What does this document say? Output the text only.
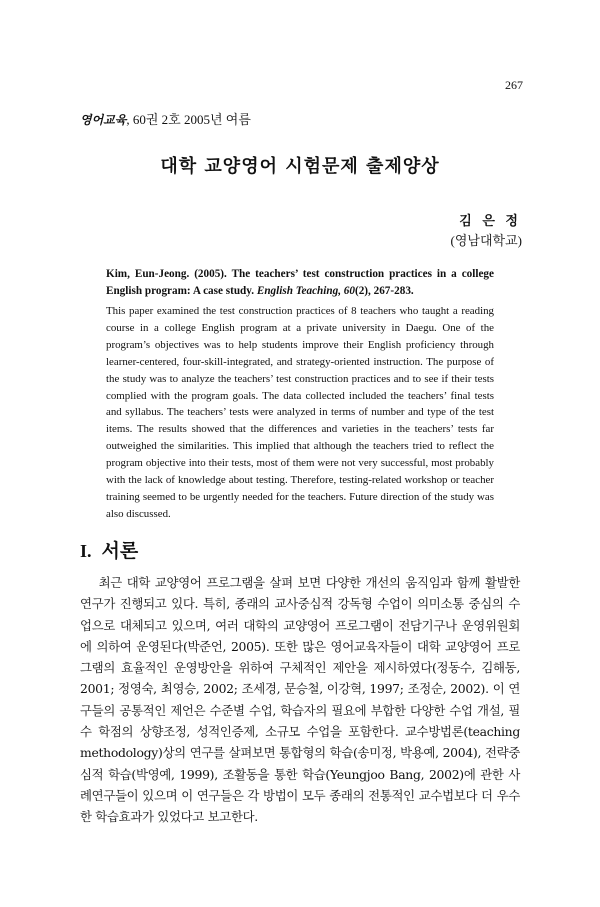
267
영어교육, 60권 2호 2005년 여름
대학 교양영어 시험문제 출제양상
김 은 정
(영남대학교)
Kim, Eun-Jeong. (2005). The teachers’ test construction practices in a college English program: A case study. English Teaching, 60(2), 267-283.

This paper examined the test construction practices of 8 teachers who taught a reading course in a college English program at a private university in Daegu. One of the program’s objectives was to help students improve their English proficiency through learner-centered, four-skill-integrated, and strategy-oriented instruction. The purpose of the study was to analyze the teachers’ test construction practices and to see if their tests complied with the program goals. The data collected included the teachers’ final tests and syllabus. The teachers’ tests were analyzed in terms of number and type of the test items. The results showed that the differences and varieties in the teachers’ tests far outweighed the similarities. This implied that although the teachers tried to reflect the program objective into their tests, most of them were not very successful, most probably with the lack of knowledge about testing. Therefore, testing-related workshop or teacher training seemed to be urgently needed for the teachers. Future direction of the study was also discussed.

I. 서론

최근 대학 교양영어 프로그램을 살펴 보면 다양한 개선의 움직임과 함께 활발한 연구가 진행되고 있다. 특히, 종래의 교사중심적 강독형 수업이 의미소통 중심의 수업으로 대체되고 있으며, 여러 대학의 교양영어 프로그램이 전담기구나 운영위원회에 의하여 운영된다(박준언, 2005). 또한 많은 영어교육자들이 대학 교양영어 프로그램의 효율적인 운영방안을 위하여 구체적인 제안을 제시하였다(정동수, 김해동, 2001; 정영숙, 최영승, 2002; 조세경, 문승철, 이강혁, 1997; 조정순, 2002). 이 연구들의 공통적인 제언은 수준별 수업, 학습자의 필요에 부합한 다양한 수업 개설, 필수 학점의 상향조정, 성적인증제, 소규모 수업을 포함한다. 교수방법론(teaching methodology)상의 연구를 살펴보면 통합형의 학습(송미정, 박용예, 2004), 전략중심적 학습(박영예, 1999), 조활동을 통한 학습(Yeungjoo Bang, 2002)에 관한 사례연구들이 있으며 이 연구들은 각 방법이 모두 종래의 전통적인 교수법보다 더 우수한 학습효과가 있었다고 보고한다.
